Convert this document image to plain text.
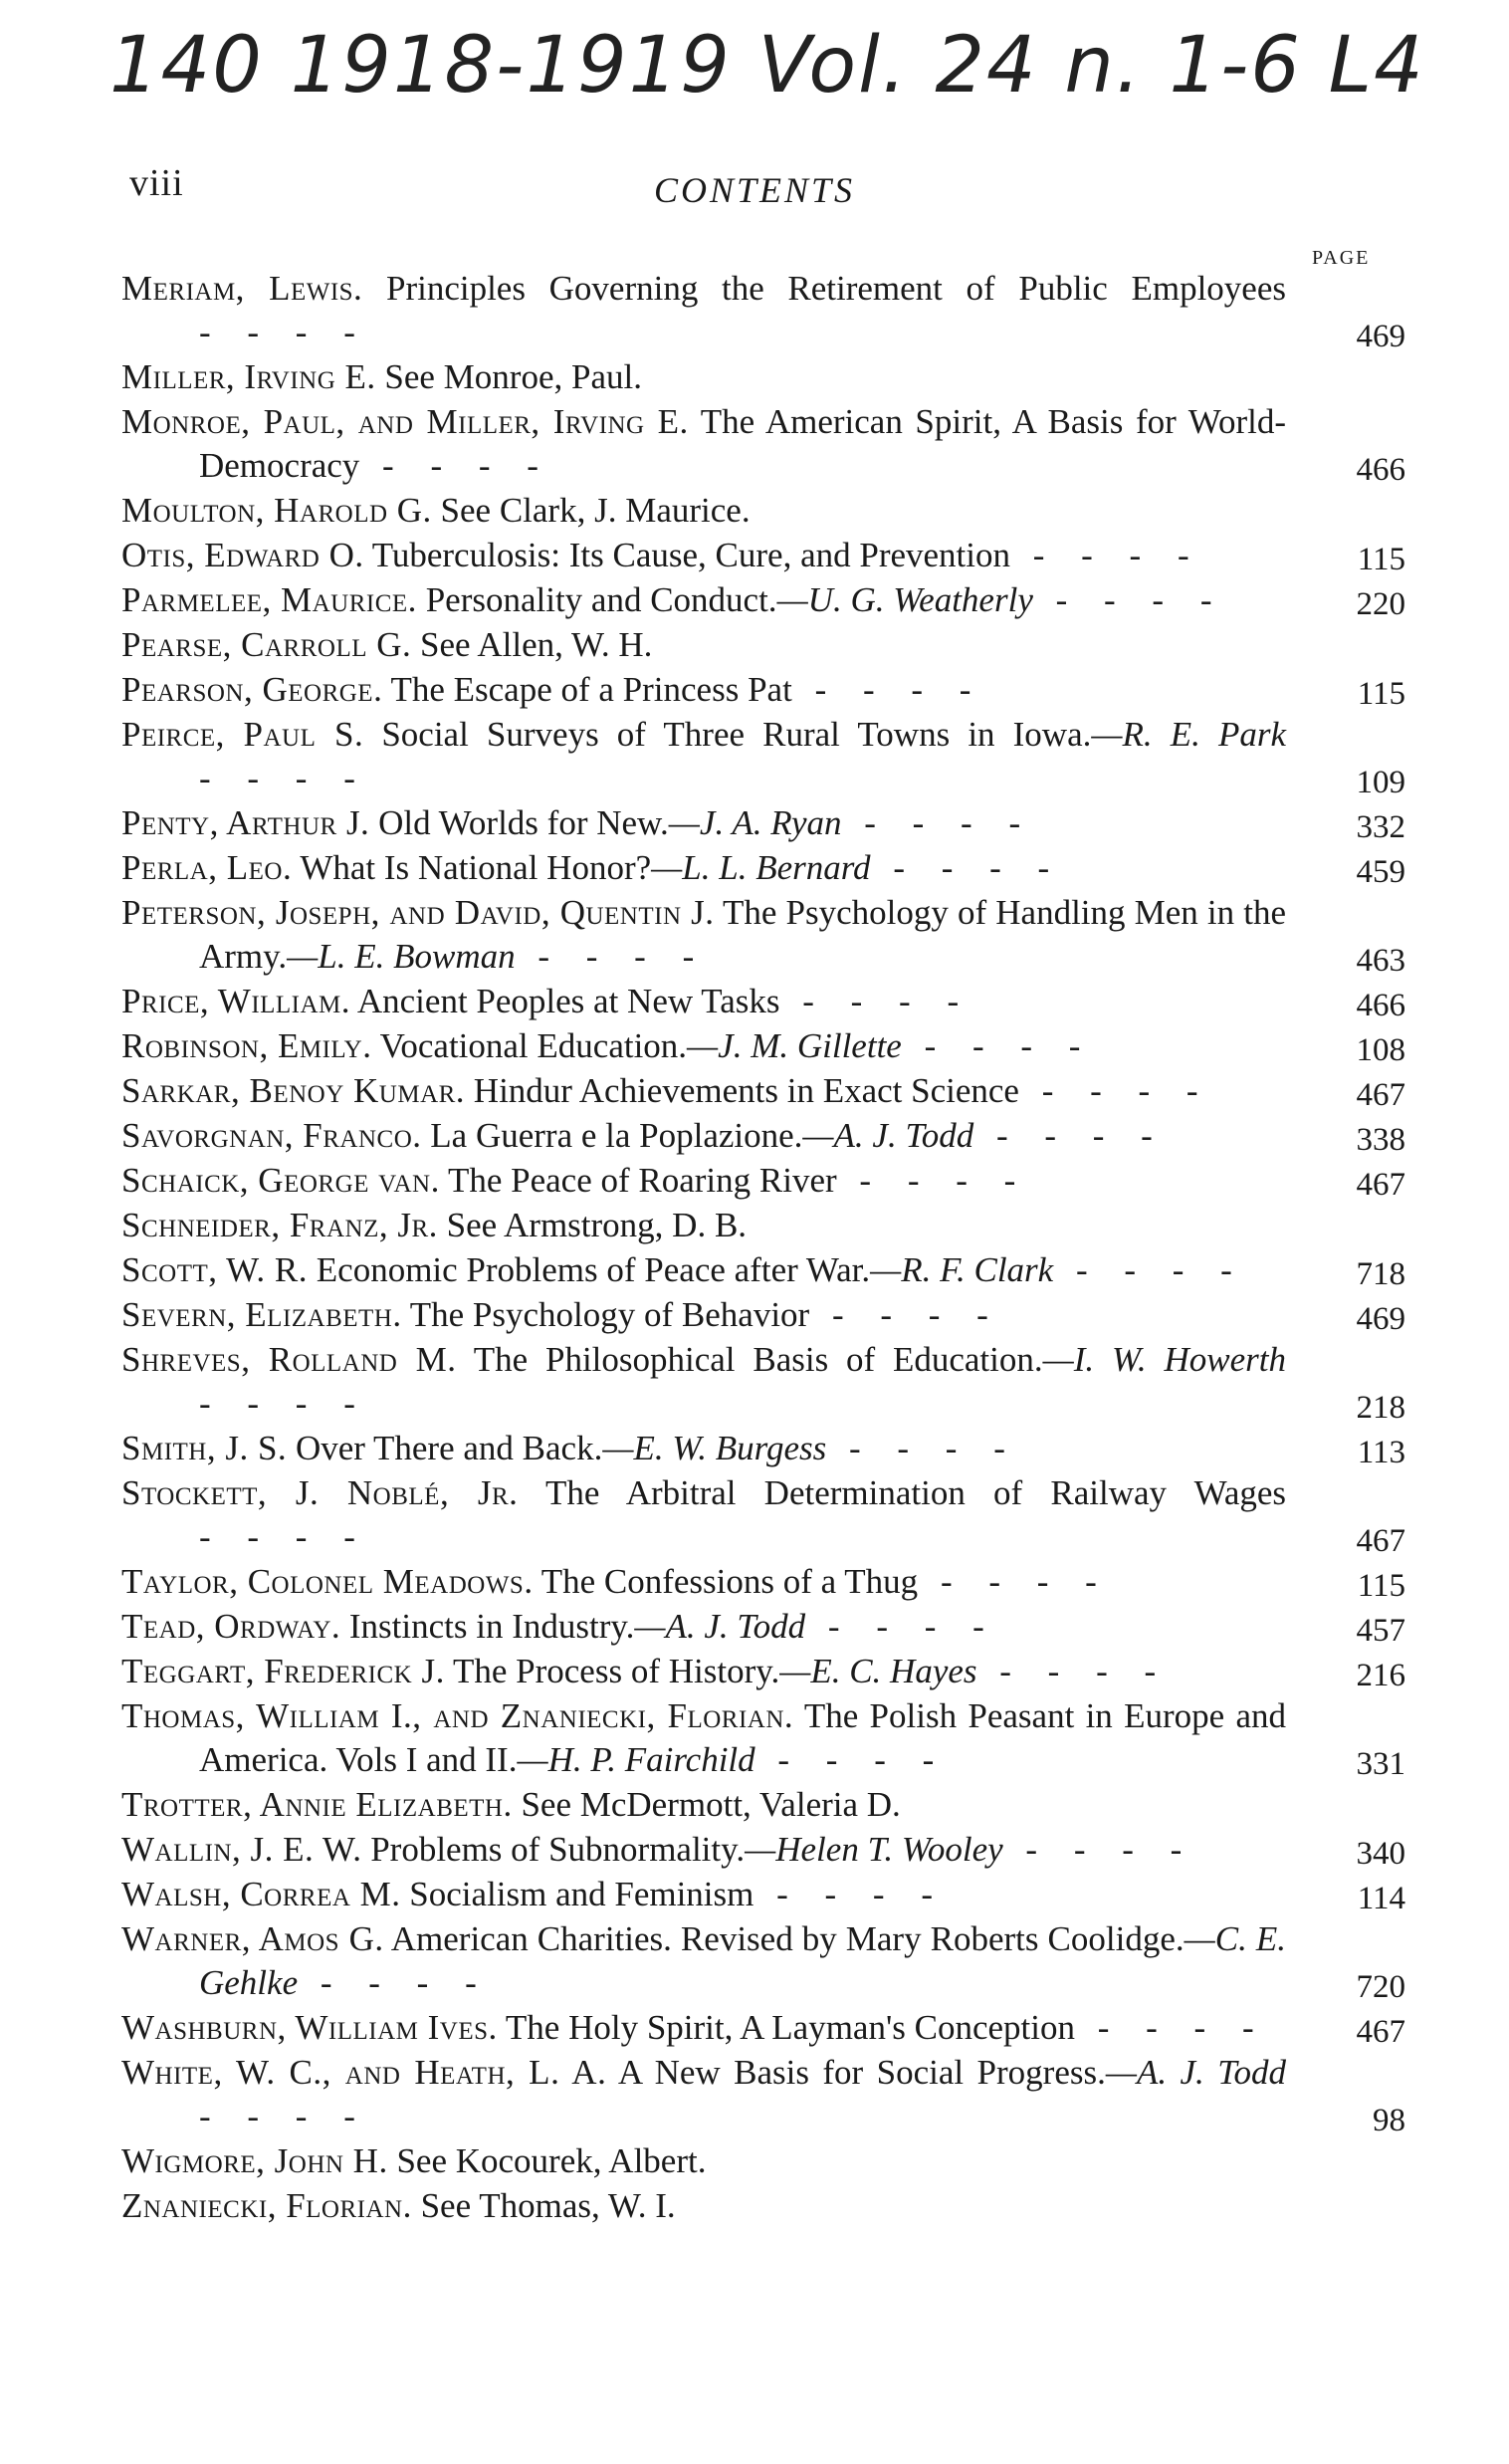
140 1918-1919 Vol. 24 n. 1-6 L4
viii	CONTENTS
PAGE
Meriam, Lewis. Principles Governing the Retirement of Public Employees - - - -	469
Miller, Irving E. See Monroe, Paul.
Monroe, Paul, and Miller, Irving E. The American Spirit, A Basis for World-Democracy - - - -	466
Moulton, Harold G. See Clark, J. Maurice.
Otis, Edward O. Tuberculosis: Its Cause, Cure, and Prevention - - - -	115
Parmelee, Maurice. Personality and Conduct.—U. G. Weatherly - - - -	220
Pearse, Carroll G. See Allen, W. H.
Pearson, George. The Escape of a Princess Pat - - - -	115
Peirce, Paul S. Social Surveys of Three Rural Towns in Iowa.—R. E. Park - - - -	109
Penty, Arthur J. Old Worlds for New.—J. A. Ryan - - - -	332
Perla, Leo. What Is National Honor?—L. L. Bernard - - - -	459
Peterson, Joseph, and David, Quentin J. The Psychology of Handling Men in the Army.—L. E. Bowman - - - -	463
Price, William. Ancient Peoples at New Tasks - - - -	466
Robinson, Emily. Vocational Education.—J. M. Gillette - - - -	108
Sarkar, Benoy Kumar. Hindur Achievements in Exact Science - - - -	467
Savorgnan, Franco. La Guerra e la Poplazione.—A. J. Todd - - - -	338
Schaick, George van. The Peace of Roaring River - - - -	467
Schneider, Franz, Jr. See Armstrong, D. B.
Scott, W. R. Economic Problems of Peace after War.—R. F. Clark - - - -	718
Severn, Elizabeth. The Psychology of Behavior - - - -	469
Shreves, Rolland M. The Philosophical Basis of Education.—I. W. Howerth - - - -	218
Smith, J. S. Over There and Back.—E. W. Burgess - - - -	113
Stockett, J. Noblé, Jr. The Arbitral Determination of Railway Wages - - - -	467
Taylor, Colonel Meadows. The Confessions of a Thug - - - -	115
Tead, Ordway. Instincts in Industry.—A. J. Todd - - - -	457
Teggart, Frederick J. The Process of History.—E. C. Hayes - - - -	216
Thomas, William I., and Znaniecki, Florian. The Polish Peasant in Europe and America. Vols I and II.—H. P. Fairchild - - - -	331
Trotter, Annie Elizabeth. See McDermott, Valeria D.
Wallin, J. E. W. Problems of Subnormality.—Helen T. Wooley - - - -	340
Walsh, Correa M. Socialism and Feminism - - - -	114
Warner, Amos G. American Charities. Revised by Mary Roberts Coolidge.—C. E. Gehlke - - - -	720
Washburn, William Ives. The Holy Spirit, A Layman's Conception - - - -	467
White, W. C., and Heath, L. A. A New Basis for Social Progress.—A. J. Todd - - - -	98
Wigmore, John H. See Kocourek, Albert.
Znaniecki, Florian. See Thomas, W. I.
